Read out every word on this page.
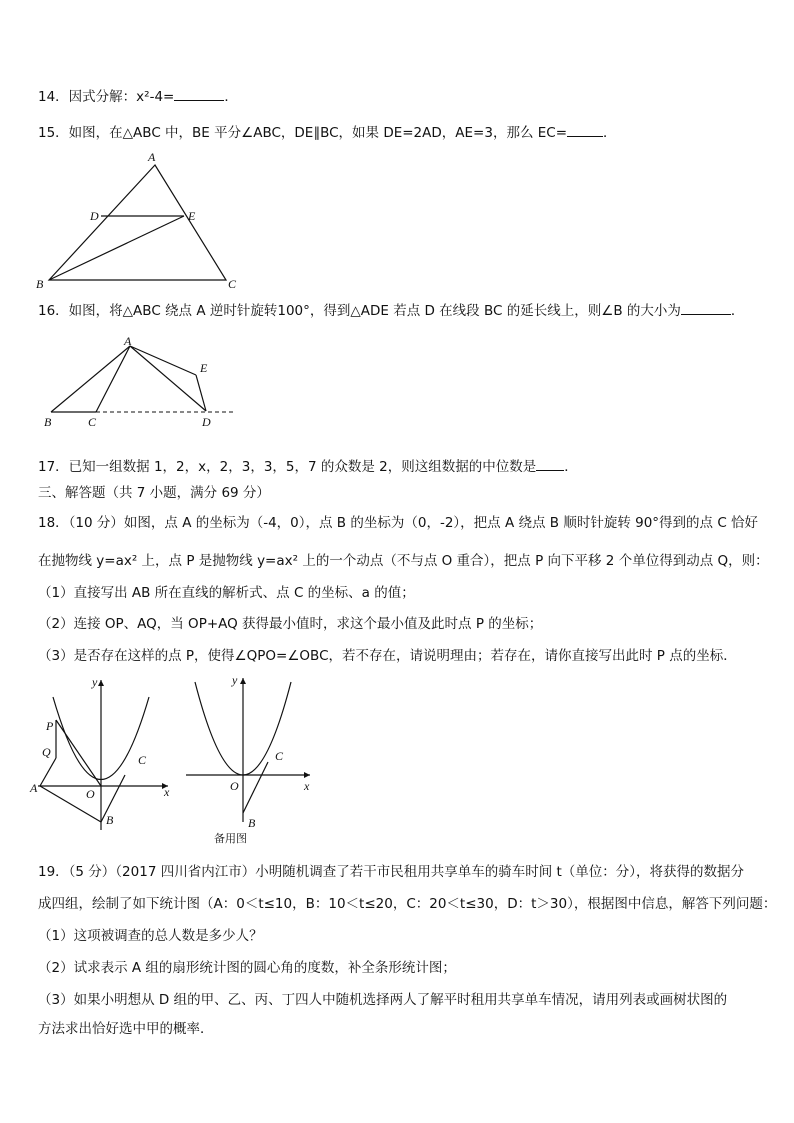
14．因式分解：x²-4=	．
15．如图，在△ABC 中，BE 平分∠ABC，DE∥BC，如果 DE=2AD，AE=3，那么 EC=	．
A
D	E
B	C
16．如图，将△ABC 绕点 A 逆时针旋转100°，得到△ADE 若点 D 在线段 BC 的延长线上，则∠B 的大小为	．
A
E
B	C	D
17．已知一组数据 1，2，x，2，3，3，5，7 的众数是 2，则这组数据的中位数是 ．
三、解答题（共 7 小题，满分 69 分）
18．（10 分）如图，点 A 的坐标为（-4，0），点 B 的坐标为（0，-2），把点 A 绕点 B 顺时针旋转 90°得到的点 C 恰好
在抛物线 y=ax² 上，点 P 是抛物线 y=ax² 上的一个动点（不与点 O 重合），把点 P 向下平移 2 个单位得到动点 Q，则：
（1）直接写出 AB 所在直线的解析式、点 C 的坐标、a 的值；
（2）连接 OP、AQ，当 OP+AQ 获得最小值时，求这个最小值及此时点 P 的坐标；
（3）是否存在这样的点 P，使得∠QPO=∠OBC，若不存在，请说明理由；若存在，请你直接写出此时 P 点的坐标．
y
x
O
A
B
C
P
Q
y
x
O
B
C
备用图
19．（5 分）（2017 四川省内江市）小明随机调查了若干市民租用共享单车的骑车时间 t（单位：分），将获得的数据分
成四组，绘制了如下统计图（A：0＜t≤10，B：10＜t≤20，C：20＜t≤30，D：t＞30），根据图中信息，解答下列问题：
（1）这项被调查的总人数是多少人？
（2）试求表示 A 组的扇形统计图的圆心角的度数，补全条形统计图；
（3）如果小明想从 D 组的甲、乙、丙、丁四人中随机选择两人了解平时租用共享单车情况，请用列表或画树状图的
方法求出恰好选中甲的概率．
